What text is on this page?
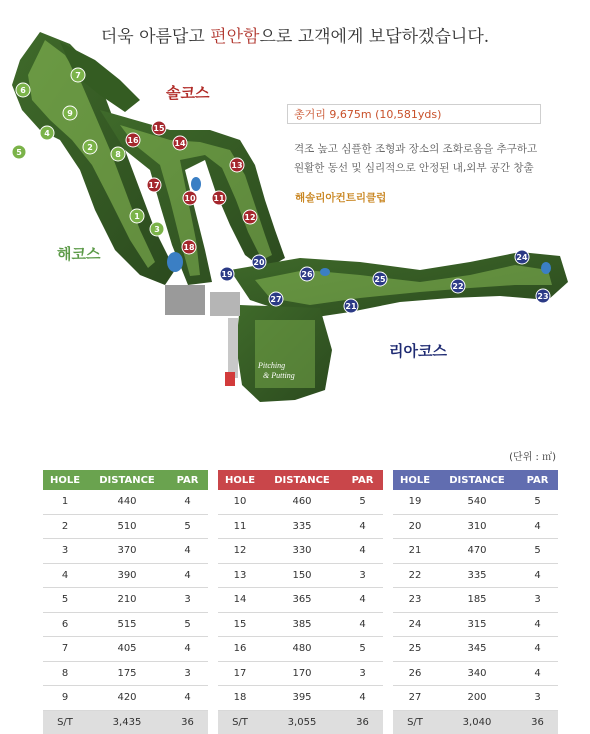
더욱 아름답고 편안함으로 고객에게 보답하겠습니다.
Pitching
& Putting
1
2
3
4
5
6
7
8
9
10 11
12
13
14
15
16
17
18
19
20
21
22
23
24
25
26
27
솔코스
해코스
리아코스
총거리 9,675m (10,581yds)
격조 높고 심플한 조형과 장소의 조화로움을 추구하고
원활한 동선 및 심리적으로 안정된 내,외부 공간 창출
해솔리아컨트리클럽
(단위 : ㎡)
HOLE	DISTANCE	PAR
1	440	4
2	510	5
3	370	4
4	390	4
5	210	3
6	515	5
7	405	4
8	175	3
9	420	4
S/T	3,435	36
HOLE	DISTANCE	PAR
10	460	5
11	335	4
12	330	4
13	150	3
14	365	4
15	385	4
16	480	5
17	170	3
18	395	4
S/T	3,055	36
HOLE	DISTANCE	PAR
19	540	5
20	310	4
21	470	5
22	335	4
23	185	3
24	315	4
25	345	4
26	340	4
27	200	3
S/T	3,040	36
